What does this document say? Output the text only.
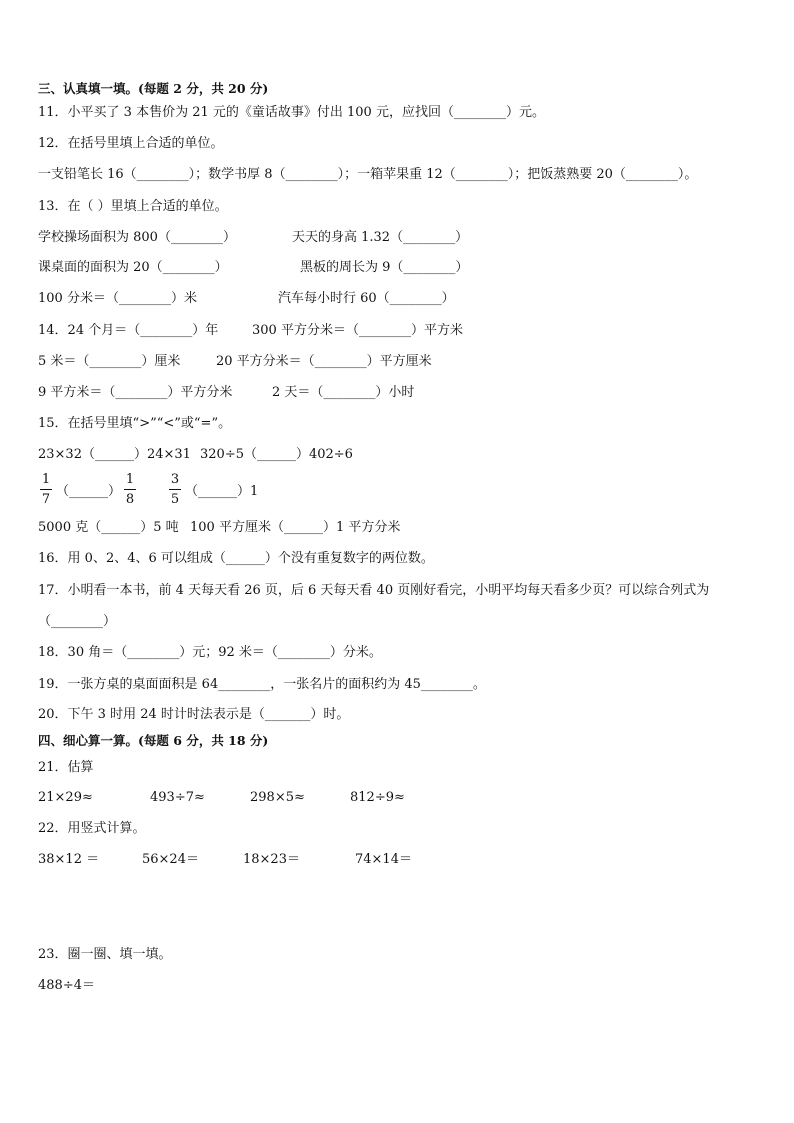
三、认真填一填。(每题 2 分，共 20 分)
11．小平买了 3 本售价为 21 元的《童话故事》付出 100 元，应找回（________）元。
12．在括号里填上合适的单位。
一支铅笔长 16（________）；数学书厚 8（________）；一箱苹果重 12（________）；把饭蒸熟要 20（________）。
13．在（ ）里填上合适的单位。
学校操场面积为 800（________）	天天的身高 1.32（________）
课桌面的面积为 20（________）	黑板的周长为 9（________）
100 分米＝（________）米	汽车每小时行 60（________）
14．24 个月＝（________）年	300 平方分米＝（________）平方米
5 米＝（________）厘米	20 平方分米＝（________）平方厘米
9 平方米＝（________）平方分米	2 天＝（________）小时
15．在括号里填“>”“<”或“=”。
23×32（______）24×31 320÷5（______）402÷6
1
7
（______）
1
8
3
5
（______）1
5000 克（______）5 吨 100 平方厘米（______）1 平方分米
16．用 0、2、4、6 可以组成（______）个没有重复数字的两位数。
17．小明看一本书，前 4 天每天看 26 页，后 6 天每天看 40 页刚好看完，小明平均每天看多少页？可以综合列式为
（________）
18．30 角＝（________）元；92 米＝（________）分米。
19．一张方桌的桌面面积是 64________，一张名片的面积约为 45________。
20．下午 3 时用 24 时计时法表示是（_______）时。
四、细心算一算。(每题 6 分，共 18 分)
21．估算
21×29≈	493÷7≈	298×5≈	812÷9≈
22．用竖式计算。
38×12 ＝	56×24＝	18×23＝	74×14＝
23．圈一圈、填一填。
488÷4＝
